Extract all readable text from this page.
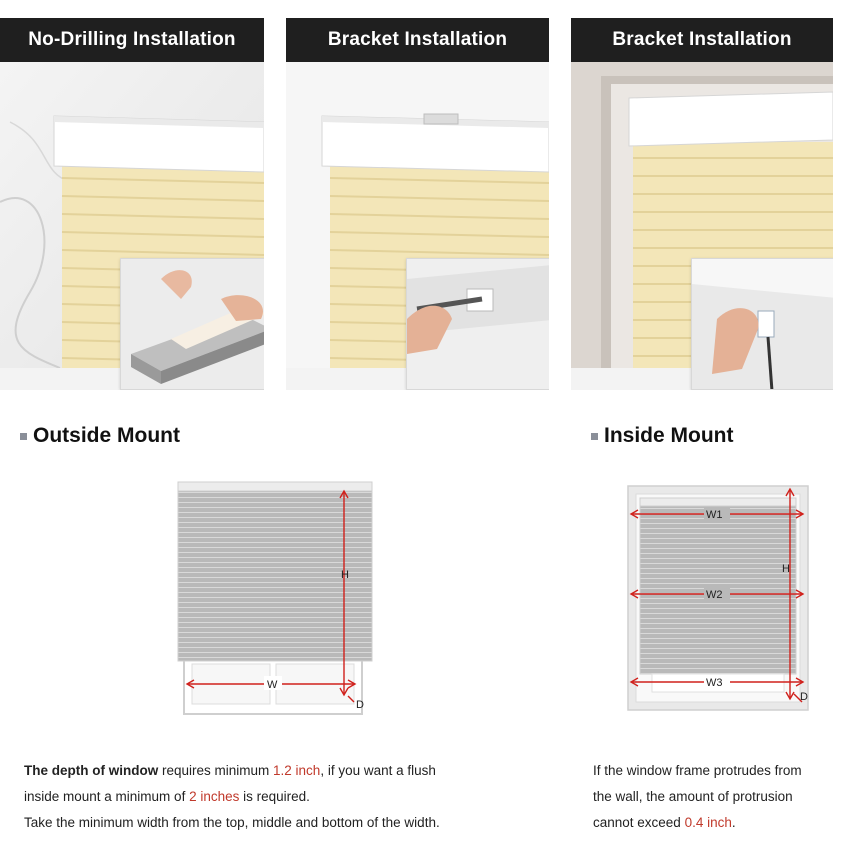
No-Drilling Installation	Bracket Installation	Bracket Installation
Outside Mount	Inside Mount
H
W
D
W1
W2
W3
H
D
The depth of window requires minimum 1.2 inch, if you want a flush
inside mount a minimum of 2 inches is required.
Take the minimum width from the top, middle and bottom of the width.
If the window frame protrudes from
the wall, the amount of protrusion
cannot exceed 0.4 inch.
